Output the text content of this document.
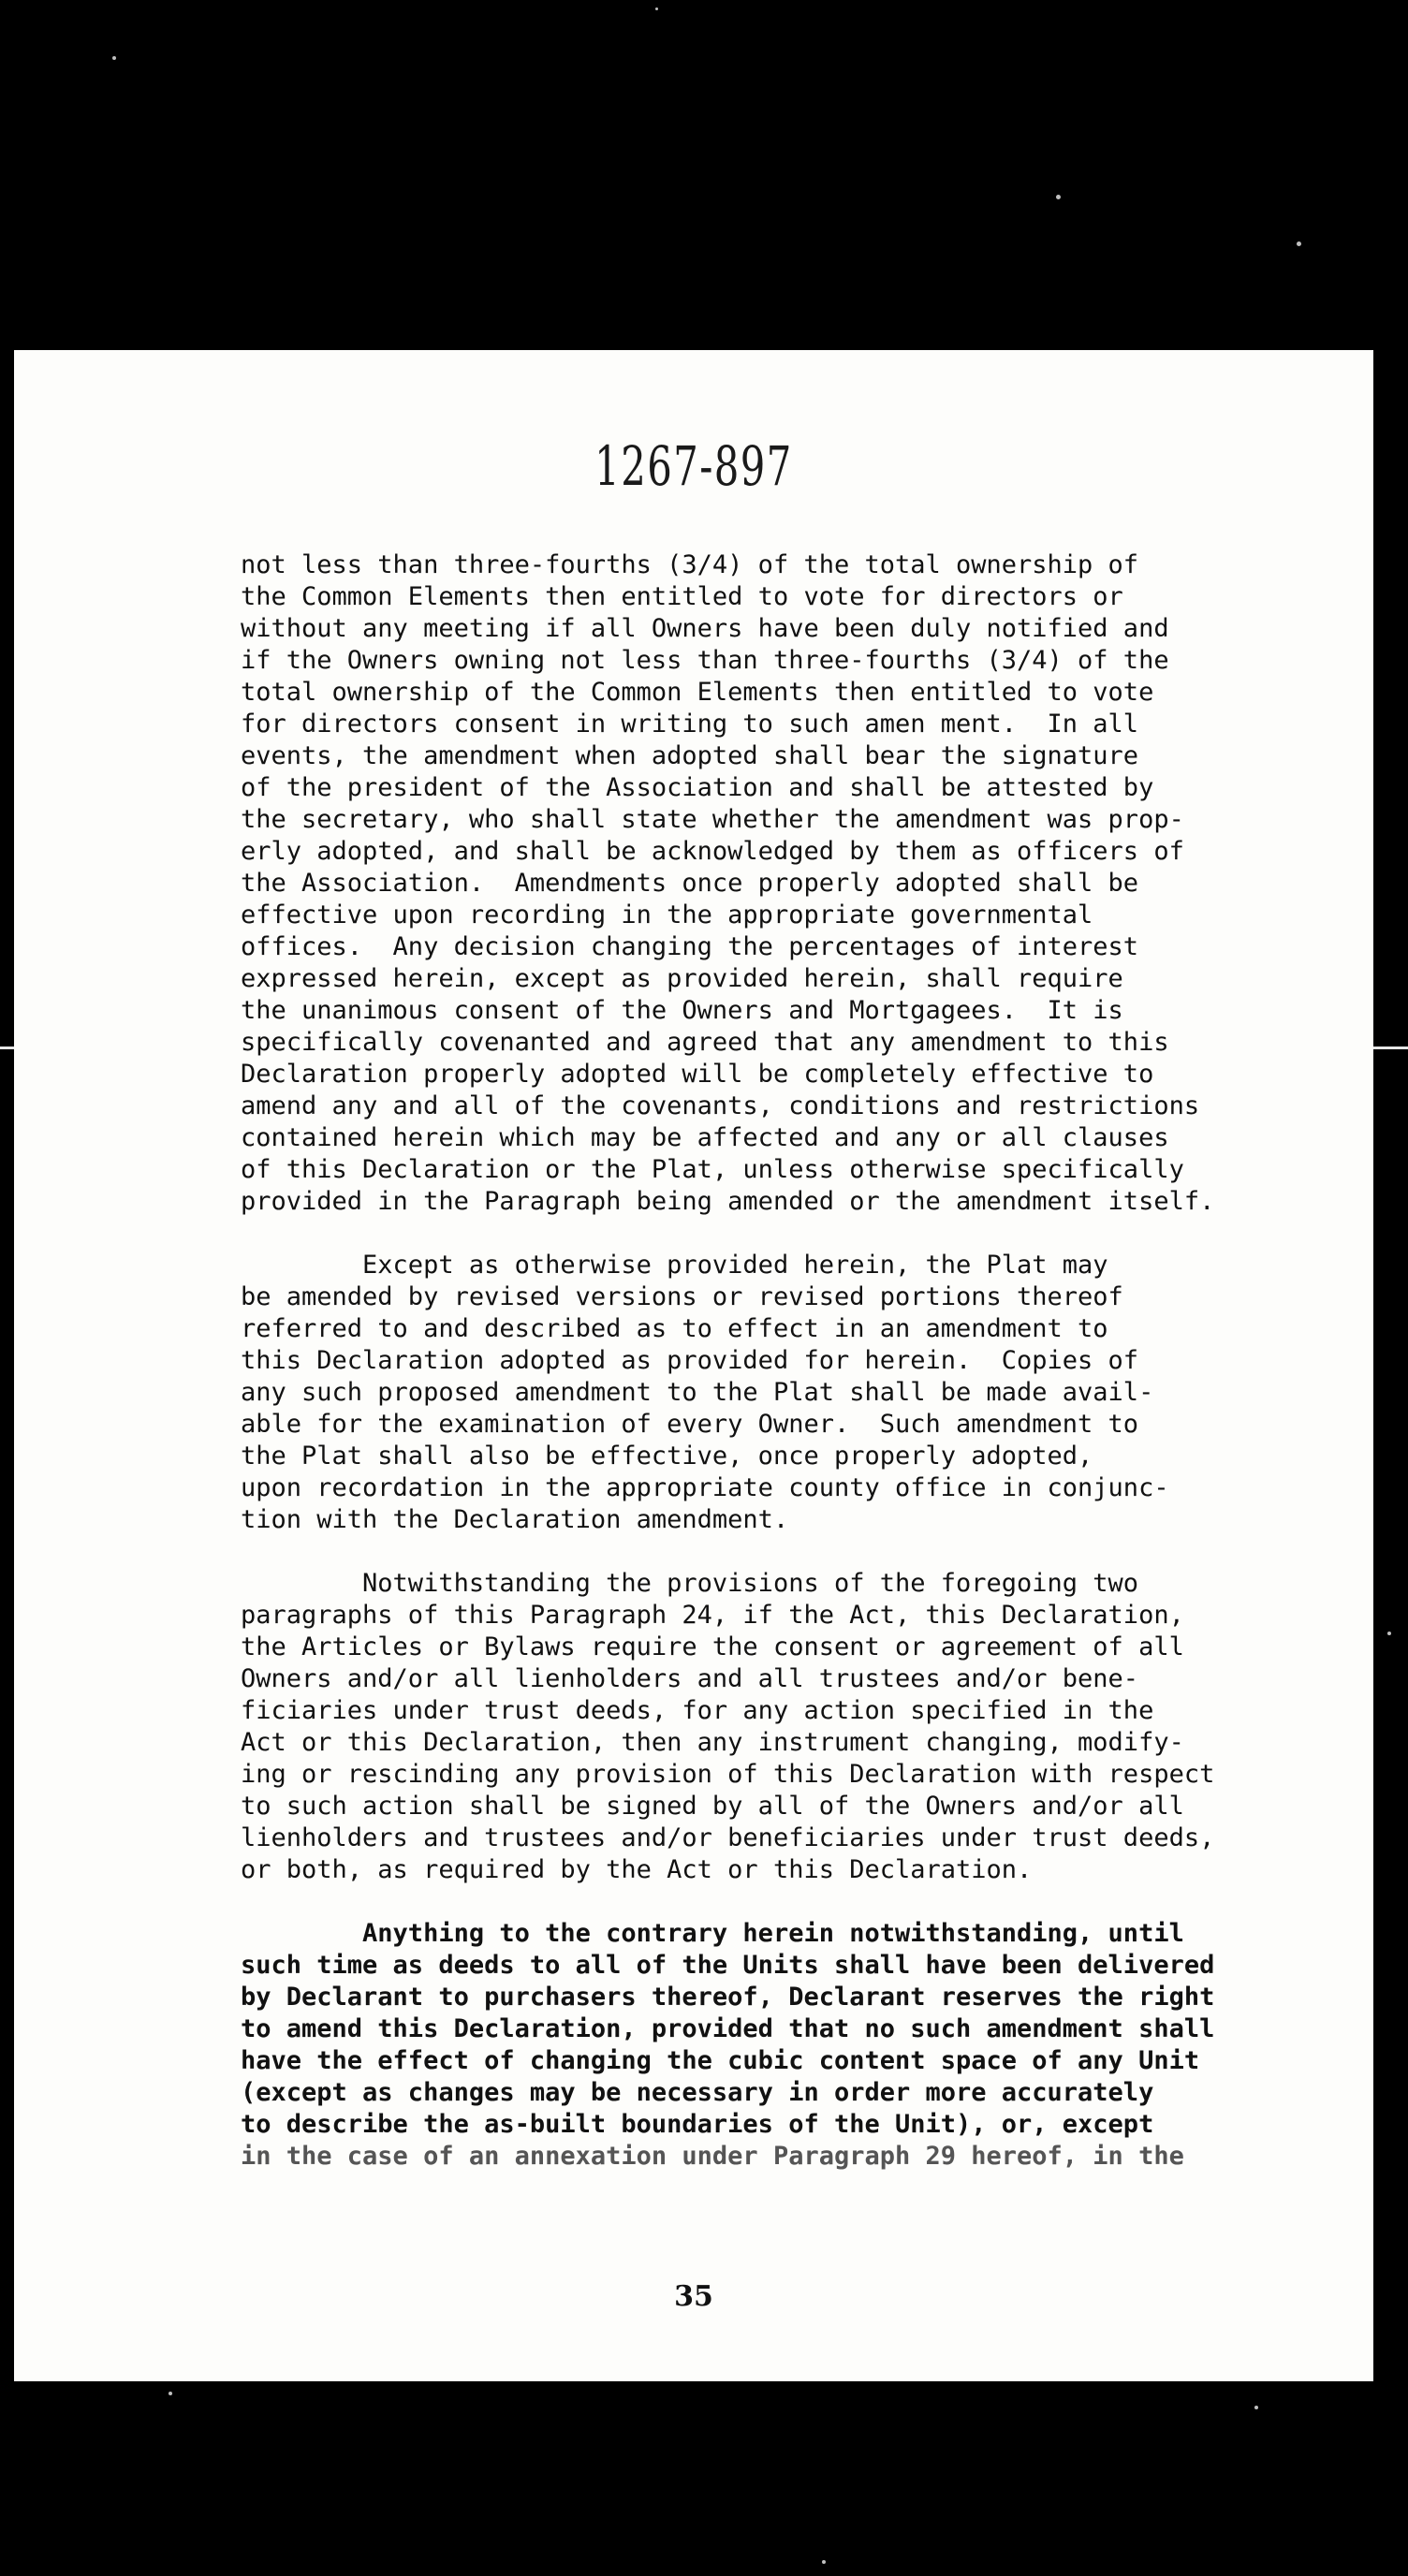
1267-897
not less than three-fourths (3/4) of the total ownership of
the Common Elements then entitled to vote for directors or
without any meeting if all Owners have been duly notified and
if the Owners owning not less than three-fourths (3/4) of the
total ownership of the Common Elements then entitled to vote
for directors consent in writing to such amen ment.  In all
events, the amendment when adopted shall bear the signature
of the president of the Association and shall be attested by
the secretary, who shall state whether the amendment was prop-
erly adopted, and shall be acknowledged by them as officers of
the Association.  Amendments once properly adopted shall be
effective upon recording in the appropriate governmental
offices.  Any decision changing the percentages of interest
expressed herein, except as provided herein, shall require
the unanimous consent of the Owners and Mortgagees.  It is
specifically covenanted and agreed that any amendment to this
Declaration properly adopted will be completely effective to
amend any and all of the covenants, conditions and restrictions
contained herein which may be affected and any or all clauses
of this Declaration or the Plat, unless otherwise specifically
provided in the Paragraph being amended or the amendment itself.
Except as otherwise provided herein, the Plat may
be amended by revised versions or revised portions thereof
referred to and described as to effect in an amendment to
this Declaration adopted as provided for herein.  Copies of
any such proposed amendment to the Plat shall be made avail-
able for the examination of every Owner.  Such amendment to
the Plat shall also be effective, once properly adopted,
upon recordation in the appropriate county office in conjunc-
tion with the Declaration amendment.
Notwithstanding the provisions of the foregoing two
paragraphs of this Paragraph 24, if the Act, this Declaration,
the Articles or Bylaws require the consent or agreement of all
Owners and/or all lienholders and all trustees and/or bene-
ficiaries under trust deeds, for any action specified in the
Act or this Declaration, then any instrument changing, modify-
ing or rescinding any provision of this Declaration with respect
to such action shall be signed by all of the Owners and/or all
lienholders and trustees and/or beneficiaries under trust deeds,
or both, as required by the Act or this Declaration.
Anything to the contrary herein notwithstanding, until
such time as deeds to all of the Units shall have been delivered
by Declarant to purchasers thereof, Declarant reserves the right
to amend this Declaration, provided that no such amendment shall
have the effect of changing the cubic content space of any Unit
(except as changes may be necessary in order more accurately
to describe the as-built boundaries of the Unit), or, except
in the case of an annexation under Paragraph 29 hereof, in the
35
